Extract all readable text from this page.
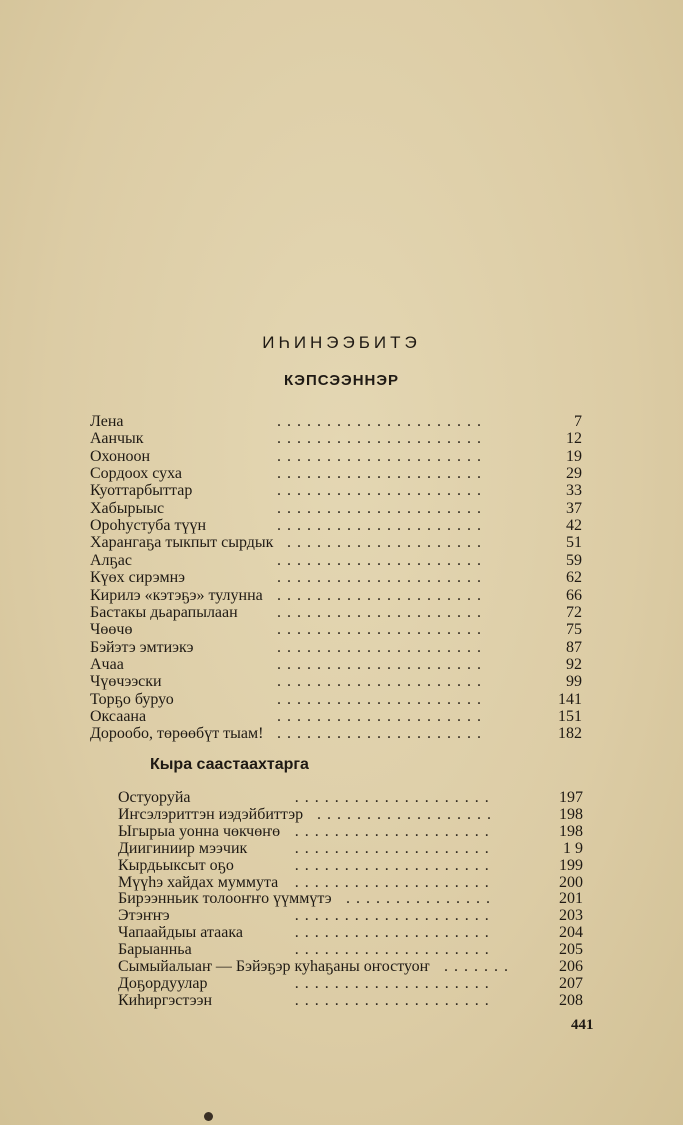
ИҺИНЭЭБИТЭ
КЭПСЭЭННЭР
Лена	.....................	7
Аанчык	.....................	12
Охоноон	.....................	19
Сордоох суха	.....................	29
Куоттарбыттар	.....................	33
Хабырыыс	.....................	37
Ороһустуба түүн	.....................	42
Харангаҕа тыкпыт сырдык ....................	51
Алҕас	.....................	59
Күөх сирэмнэ	.....................	62
Кирилэ «кэтэҕэ» тулунна .....................	66
Бастакы дьарапылаан .....................	72
Чөөчө	.....................	75
Бэйэтэ эмтиэкэ	.....................	87
Ачаа	.....................	92
Чүөчээски	.....................	99
Торҕо буруо	.....................	141
Оксаана	.....................	151
Дорообо, төрөөбүт тыам! .....................	182
Кыра саастаахтарга
Остуоруйа	....................	197
Иҥсэлэриттэн иэдэйбиттэр ..................	198
Ыгырыа уонна чөкчөҥө ....................	198
Диигиниир мээчик	....................	1 9
Кырдьыксыт оҕо	....................	199
Мүүһэ хайдах муммута ....................	200
Бирээнньик толооҥҥо үүммүтэ ...............	201
Этэҥҥэ	....................	203
Чапаайдыы атаака	....................	204
Барыанньа	....................	205
Сымыйалыаҥ — Бэйэҕэр куһаҕаны оҥостуоҥ .......	206
Доҕордуулар	....................	207
Киһиргэстээн	....................	208
441
